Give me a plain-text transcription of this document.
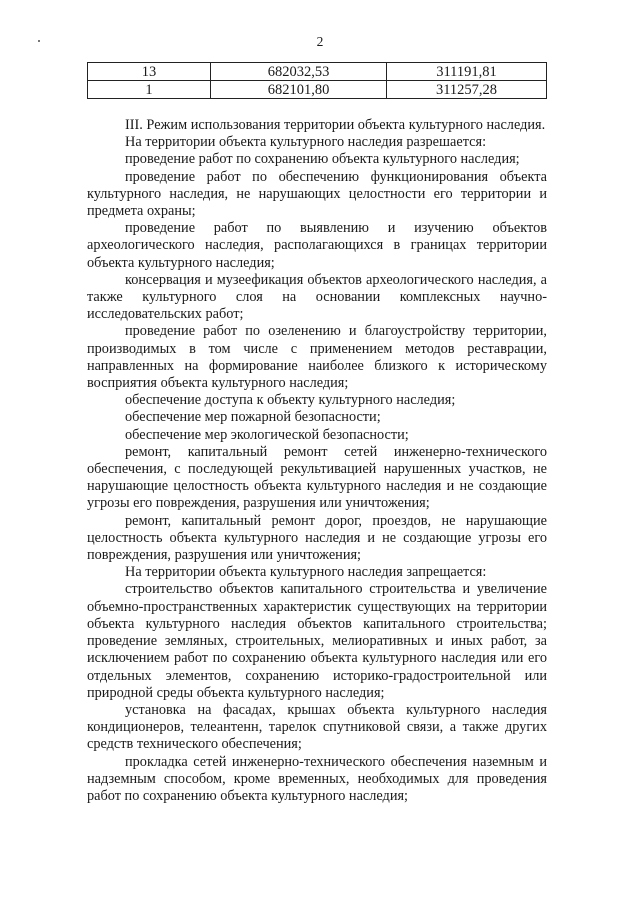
2
13	682032,53	311191,81
1	682101,80	311257,28

III. Режим использования территории объекта культурного наследия.

На территории объекта культурного наследия разрешается:

проведение работ по сохранению объекта культурного наследия;

проведение работ по обеспечению функционирования объекта культурного наследия, не нарушающих целостности его территории и предмета охраны;

проведение работ по выявлению и изучению объектов археологического наследия, располагающихся в границах территории объекта культурного наследия;

консервация и музеефикация объектов археологического наследия, а также культурного слоя на основании комплексных научно-исследовательских работ;

проведение работ по озеленению и благоустройству территории, производимых в том числе с применением методов реставрации, направленных на формирование наиболее близкого к историческому восприятия объекта культурного наследия;

обеспечение доступа к объекту культурного наследия;

обеспечение мер пожарной безопасности;

обеспечение мер экологической безопасности;

ремонт, капитальный ремонт сетей инженерно-технического обеспечения, с последующей рекультивацией нарушенных участков, не нарушающие целостность объекта культурного наследия и не создающие угрозы его повреждения, разрушения или уничтожения;

ремонт, капитальный ремонт дорог, проездов, не нарушающие целостность объекта культурного наследия и не создающие угрозы его повреждения, разрушения или уничтожения;

На территории объекта культурного наследия запрещается:

строительство объектов капитального строительства и увеличение объемно-пространственных характеристик существующих на территории объекта культурного наследия объектов капитального строительства; проведение земляных, строительных, мелиоративных и иных работ, за исключением работ по сохранению объекта культурного наследия или его отдельных элементов, сохранению историко-градостроительной или природной среды объекта культурного наследия;

установка на фасадах, крышах объекта культурного наследия кондиционеров, телеантенн, тарелок спутниковой связи, а также других средств технического обеспечения;

прокладка сетей инженерно-технического обеспечения наземным и надземным способом, кроме временных, необходимых для проведения работ по сохранению объекта культурного наследия;
